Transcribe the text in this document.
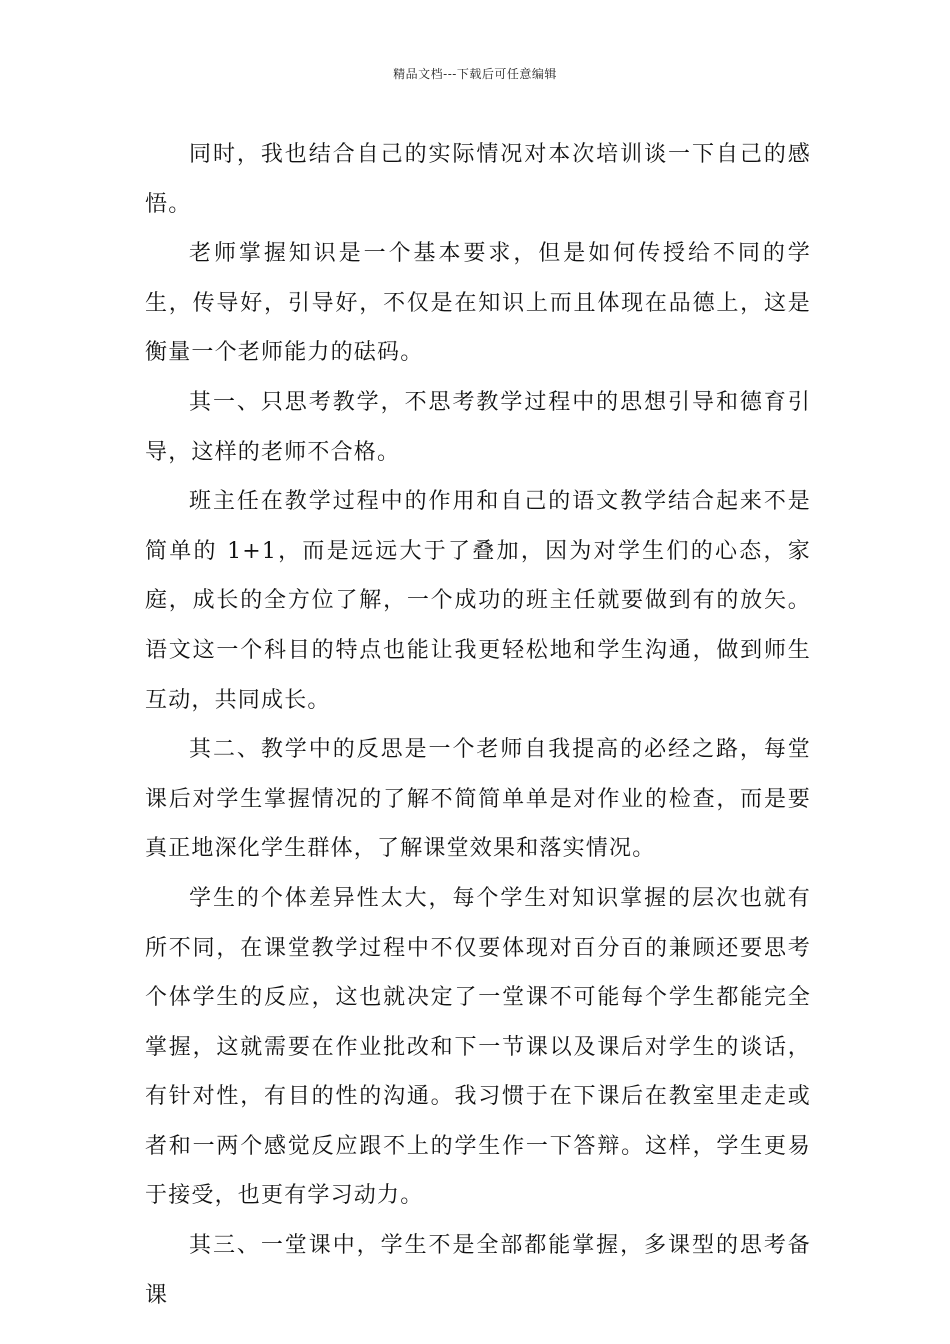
精品文档---下载后可任意编辑

同时，我也结合自己的实际情况对本次培训谈一下自己的感悟。

老师掌握知识是一个基本要求，但是如何传授给不同的学生，传导好，引导好，不仅是在知识上而且体现在品德上，这是衡量一个老师能力的砝码。

其一、只思考教学，不思考教学过程中的思想引导和德育引导，这样的老师不合格。

班主任在教学过程中的作用和自己的语文教学结合起来不是简单的 1+1，而是远远大于了叠加，因为对学生们的心态，家庭，成长的全方位了解，一个成功的班主任就要做到有的放矢。语文这一个科目的特点也能让我更轻松地和学生沟通，做到师生互动，共同成长。

其二、教学中的反思是一个老师自我提高的必经之路，每堂课后对学生掌握情况的了解不简简单单是对作业的检查，而是要真正地深化学生群体，了解课堂效果和落实情况。

学生的个体差异性太大，每个学生对知识掌握的层次也就有所不同，在课堂教学过程中不仅要体现对百分百的兼顾还要思考个体学生的反应，这也就决定了一堂课不可能每个学生都能完全掌握，这就需要在作业批改和下一节课以及课后对学生的谈话，有针对性，有目的性的沟通。我习惯于在下课后在教室里走走或者和一两个感觉反应跟不上的学生作一下答辩。这样，学生更易于接受，也更有学习动力。

其三、一堂课中，学生不是全部都能掌握，多课型的思考备课
